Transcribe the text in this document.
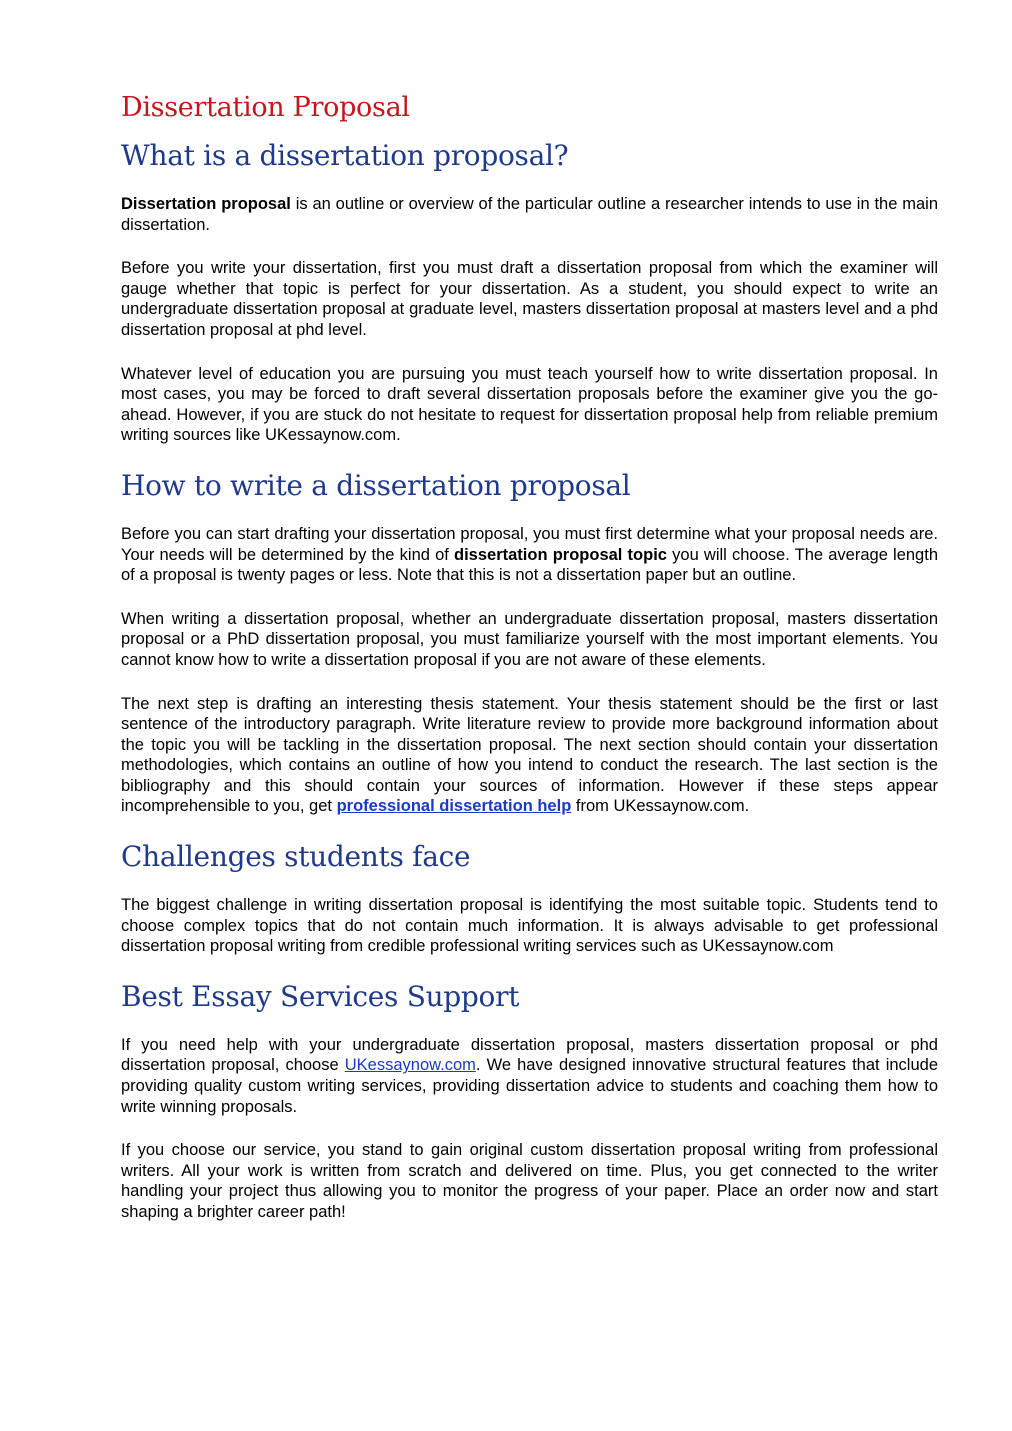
Dissertation Proposal
What is a dissertation proposal?

Dissertation proposal is an outline or overview of the particular outline a researcher intends to use in the main dissertation.

Before you write your dissertation, first you must draft a dissertation proposal from which the examiner will gauge whether that topic is perfect for your dissertation. As a student, you should expect to write an undergraduate dissertation proposal at graduate level, masters dissertation proposal at masters level and a phd dissertation proposal at phd level.

Whatever level of education you are pursuing you must teach yourself how to write dissertation proposal. In most cases, you may be forced to draft several dissertation proposals before the examiner give you the go-ahead. However, if you are stuck do not hesitate to request for dissertation proposal help from reliable premium writing sources like UKessaynow.com.

How to write a dissertation proposal

Before you can start drafting your dissertation proposal, you must first determine what your proposal needs are. Your needs will be determined by the kind of dissertation proposal topic you will choose. The average length of a proposal is twenty pages or less. Note that this is not a dissertation paper but an outline.

When writing a dissertation proposal, whether an undergraduate dissertation proposal, masters dissertation proposal or a PhD dissertation proposal, you must familiarize yourself with the most important elements. You cannot know how to write a dissertation proposal if you are not aware of these elements.

The next step is drafting an interesting thesis statement. Your thesis statement should be the first or last sentence of the introductory paragraph. Write literature review to provide more background information about the topic you will be tackling in the dissertation proposal. The next section should contain your dissertation methodologies, which contains an outline of how you intend to conduct the research. The last section is the bibliography and this should contain your sources of information. However if these steps appear incomprehensible to you, get professional dissertation help from UKessaynow.com.

Challenges students face

The biggest challenge in writing dissertation proposal is identifying the most suitable topic. Students tend to choose complex topics that do not contain much information. It is always advisable to get professional dissertation proposal writing from credible professional writing services such as UKessaynow.com

Best Essay Services Support

If you need help with your undergraduate dissertation proposal, masters dissertation proposal or phd dissertation proposal, choose UKessaynow.com. We have designed innovative structural features that include providing quality custom writing services, providing dissertation advice to students and coaching them how to write winning proposals.

If you choose our service, you stand to gain original custom dissertation proposal writing from professional writers. All your work is written from scratch and delivered on time. Plus, you get connected to the writer handling your project thus allowing you to monitor the progress of your paper. Place an order now and start shaping a brighter career path!
